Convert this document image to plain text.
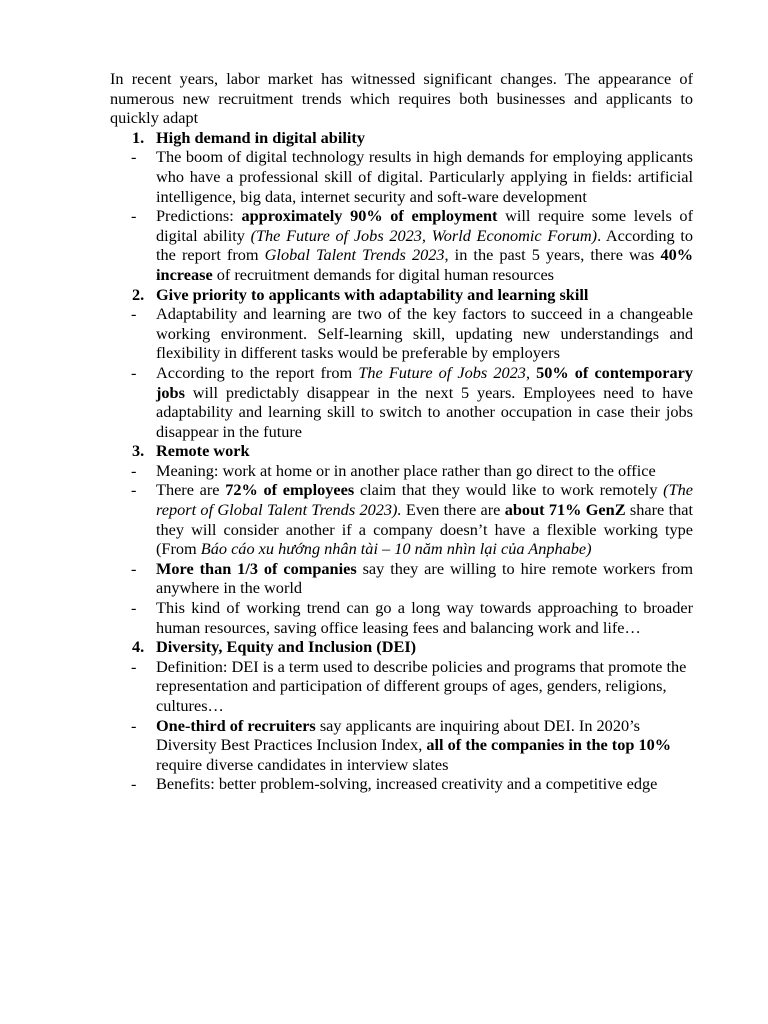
In recent years, labor market has witnessed significant changes. The appearance of numerous new recruitment trends which requires both businesses and applicants to quickly adapt

1. High demand in digital ability
-	The boom of digital technology results in high demands for employing applicants who have a professional skill of digital. Particularly applying in fields: artificial intelligence, big data, internet security and soft-ware development
-	Predictions: approximately 90% of employment will require some levels of digital ability (The Future of Jobs 2023, World Economic Forum). According to the report from Global Talent Trends 2023, in the past 5 years, there was 40% increase of recruitment demands for digital human resources
2. Give priority to applicants with adaptability and learning skill
-	Adaptability and learning are two of the key factors to succeed in a changeable working environment. Self-learning skill, updating new understandings and flexibility in different tasks would be preferable by employers
-	According to the report from The Future of Jobs 2023, 50% of contemporary jobs will predictably disappear in the next 5 years. Employees need to have adaptability and learning skill to switch to another occupation in case their jobs disappear in the future
3. Remote work
-	Meaning: work at home or in another place rather than go direct to the office
-	There are 72% of employees claim that they would like to work remotely (The report of Global Talent Trends 2023). Even there are about 71% GenZ share that they will consider another if a company doesn’t have a flexible working type (From Báo cáo xu hướng nhân tài – 10 năm nhìn lại của Anphabe)
-	More than 1/3 of companies say they are willing to hire remote workers from anywhere in the world
-	This kind of working trend can go a long way towards approaching to broader human resources, saving office leasing fees and balancing work and life…
4. Diversity, Equity and Inclusion (DEI)
-	Definition: DEI is a term used to describe policies and programs that promote the representation and participation of different groups of ages, genders, religions, cultures…
-	One-third of recruiters say applicants are inquiring about DEI. In 2020’s Diversity Best Practices Inclusion Index, all of the companies in the top 10% require diverse candidates in interview slates
-	Benefits: better problem-solving, increased creativity and a competitive edge
